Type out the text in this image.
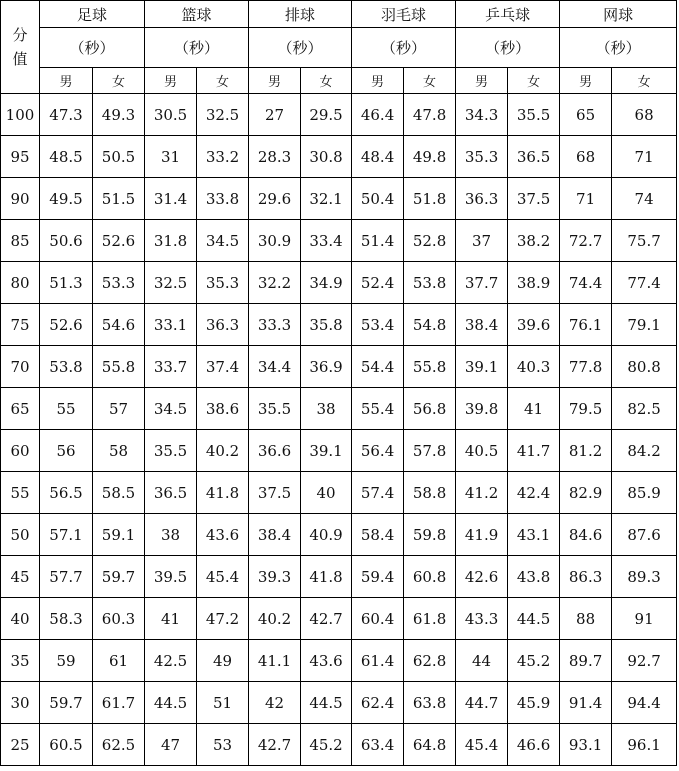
分
值	足球		篮球		排球		羽毛球		乒乓球		网球	
	（秒）		（秒）		（秒）		（秒）		（秒）		（秒）	
	男	女	男	女	男	女	男	女	男	女	男	女
100	47.3	49.3	30.5	32.5	27	29.5	46.4	47.8	34.3	35.5	65	68
95	48.5	50.5	31	33.2	28.3	30.8	48.4	49.8	35.3	36.5	68	71
90	49.5	51.5	31.4	33.8	29.6	32.1	50.4	51.8	36.3	37.5	71	74
85	50.6	52.6	31.8	34.5	30.9	33.4	51.4	52.8	37	38.2	72.7	75.7
80	51.3	53.3	32.5	35.3	32.2	34.9	52.4	53.8	37.7	38.9	74.4	77.4
75	52.6	54.6	33.1	36.3	33.3	35.8	53.4	54.8	38.4	39.6	76.1	79.1
70	53.8	55.8	33.7	37.4	34.4	36.9	54.4	55.8	39.1	40.3	77.8	80.8
65	55	57	34.5	38.6	35.5	38	55.4	56.8	39.8	41	79.5	82.5
60	56	58	35.5	40.2	36.6	39.1	56.4	57.8	40.5	41.7	81.2	84.2
55	56.5	58.5	36.5	41.8	37.5	40	57.4	58.8	41.2	42.4	82.9	85.9
50	57.1	59.1	38	43.6	38.4	40.9	58.4	59.8	41.9	43.1	84.6	87.6
45	57.7	59.7	39.5	45.4	39.3	41.8	59.4	60.8	42.6	43.8	86.3	89.3
40	58.3	60.3	41	47.2	40.2	42.7	60.4	61.8	43.3	44.5	88	91
35	59	61	42.5	49	41.1	43.6	61.4	62.8	44	45.2	89.7	92.7
30	59.7	61.7	44.5	51	42	44.5	62.4	63.8	44.7	45.9	91.4	94.4
25	60.5	62.5	47	53	42.7	45.2	63.4	64.8	45.4	46.6	93.1	96.1
